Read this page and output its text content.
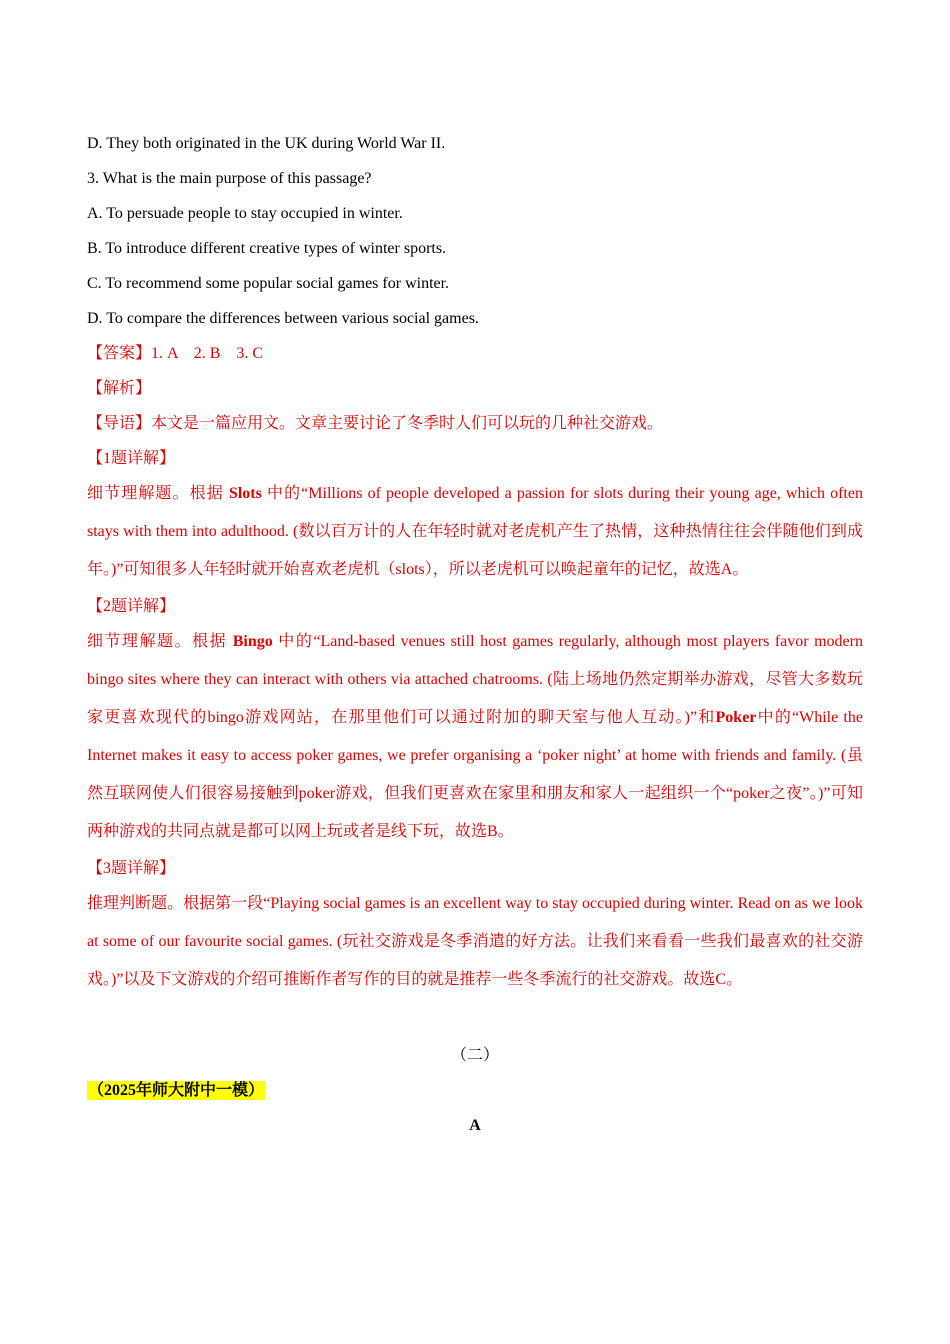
D. They both originated in the UK during World War II.
3. What is the main purpose of this passage?
A. To persuade people to stay occupied in winter.
B. To introduce different creative types of winter sports.
C. To recommend some popular social games for winter.
D. To compare the differences between various social games.
【答案】1. A    2. B    3. C
【解析】
【导语】本文是一篇应用文。文章主要讨论了冬季时人们可以玩的几种社交游戏。
【1题详解】
细节理解题。根据 Slots 中的“Millions of people developed a passion for slots during their young age, which often stays with them into adulthood. (数以百万计的人在年轻时就对老虎机产生了热情，这种热情往往会伴随他们到成年。)”可知很多人年轻时就开始喜欢老虎机（slots），所以老虎机可以唤起童年的记忆，故选A。
【2题详解】
细节理解题。根据 Bingo 中的“Land-based venues still host games regularly, although most players favor modern bingo sites where they can interact with others via attached chatrooms. (陆上场地仍然定期举办游戏，尽管大多数玩家更喜欢现代的bingo游戏网站，在那里他们可以通过附加的聊天室与他人互动。)”和Poker中的“While the Internet makes it easy to access poker games, we prefer organising a ‘poker night’ at home with friends and family. (虽然互联网使人们很容易接触到poker游戏，但我们更喜欢在家里和朋友和家人一起组织一个“poker之夜”。)”可知两种游戏的共同点就是都可以网上玩或者是线下玩，故选B。
【3题详解】
推理判断题。根据第一段“Playing social games is an excellent way to stay occupied during winter. Read on as we look at some of our favourite social games. (玩社交游戏是冬季消遣的好方法。让我们来看看一些我们最喜欢的社交游戏。)”以及下文游戏的介绍可推断作者写作的目的就是推荐一些冬季流行的社交游戏。故选C。
（二）
（2025年师大附中一模）
A
